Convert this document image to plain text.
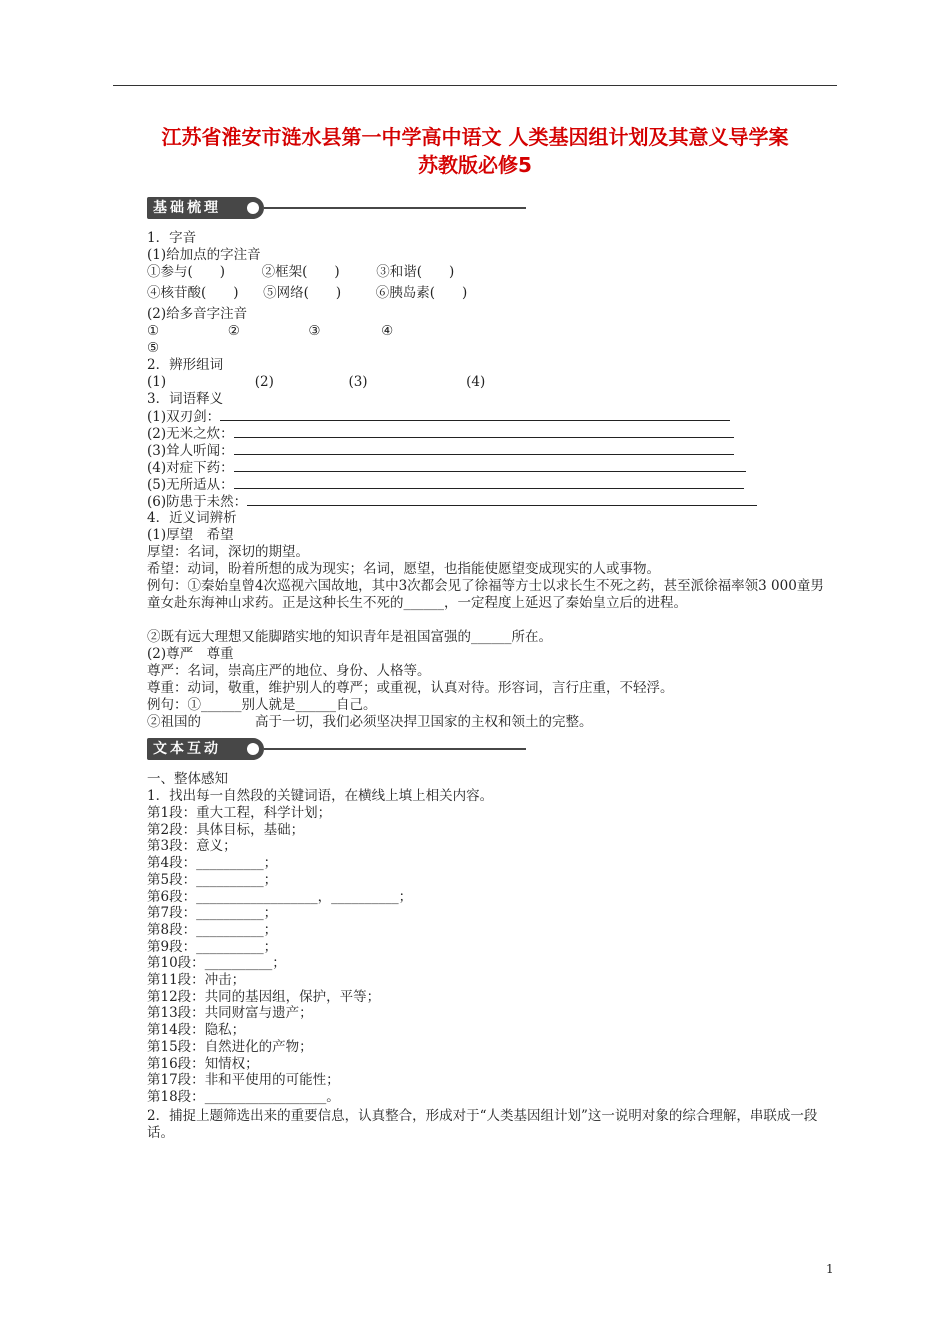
江苏省淮安市涟水县第一中学高中语文 人类基因组计划及其意义导学案
苏教版必修5
基础梳理
1．字音
(1)给加点的字注音
①参与(　　)	②框架(　　)	③和谐(　　)
④核苷酸(　　) ⑤网络(　　)	⑥胰岛素(　　)
(2)给多音字注音
①	②	③	④
⑤
2．辨形组词
(1)	(2)	(3)	(4)
3．词语释义
(1)双刃剑：
(2)无米之炊：
(3)耸人听闻：
(4)对症下药：
(5)无所适从：
(6)防患于未然：
4．近义词辨析
(1)厚望　希望
厚望：名词，深切的期望。
希望：动词，盼着所想的成为现实；名词，愿望，也指能使愿望变成现实的人或事物。
例句：①秦始皇曾4次巡视六国故地，其中3次都会见了徐福等方士以求长生不死之药，甚至派徐福率领3 000童男童女赴东海神山求药。正是这种长生不死的______，一定程度上延迟了秦始皇立后的进程。
②既有远大理想又能脚踏实地的知识青年是祖国富强的______所在。
(2)尊严　尊重
尊严：名词，崇高庄严的地位、身份、人格等。
尊重：动词，敬重，维护别人的尊严；或重视，认真对待。形容词，言行庄重，不轻浮。
例句：①______别人就是______自己。
②祖国的	高于一切，我们必须坚决捍卫国家的主权和领土的完整。
文本互动
一、整体感知
1．找出每一自然段的关键词语，在横线上填上相关内容。
第1段：重大工程，科学计划；
第2段：具体目标，基础；
第3段：意义；
第4段：__________；
第5段：__________；
第6段：__________________，__________；
第7段：__________；
第8段：__________；
第9段：__________；
第10段：__________；
第11段：冲击；
第12段：共同的基因组，保护，平等；
第13段：共同财富与遗产；
第14段：隐私；
第15段：自然进化的产物；
第16段：知情权；
第17段：非和平使用的可能性；
第18段：__________________。
2．捕捉上题筛选出来的重要信息，认真整合，形成对于“人类基因组计划”这一说明对象的综合理解，串联成一段话。
1
